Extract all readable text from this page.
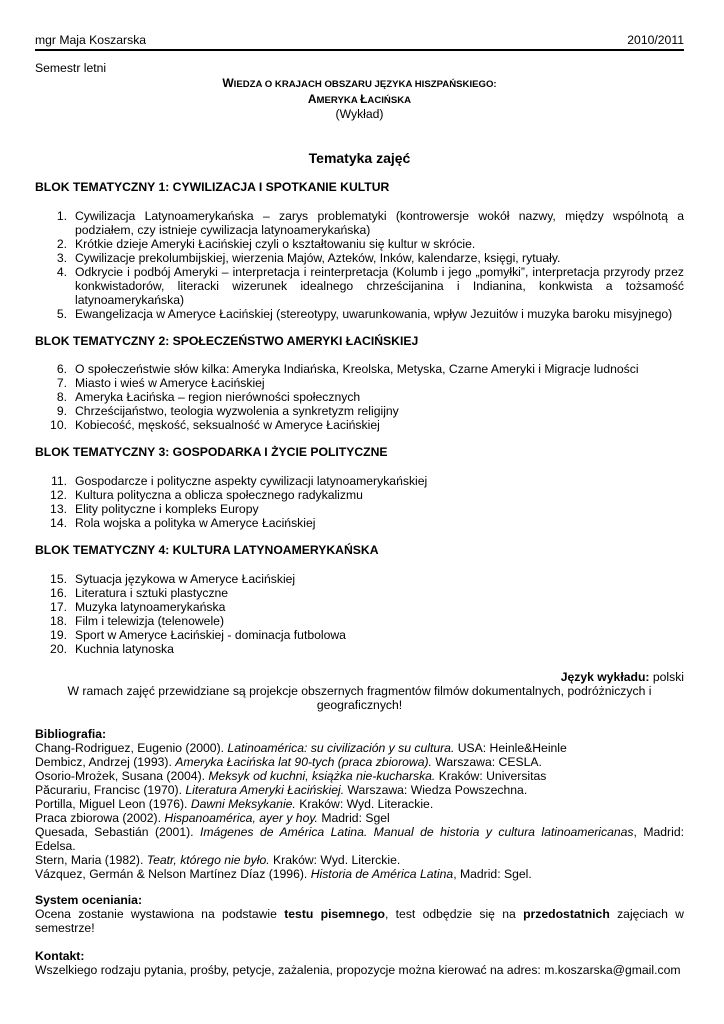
mgr Maja Koszarska	2010/2011
Semestr letni
WIEDZA O KRAJACH OBSZARU JĘZYKA HISZPAŃSKIEGO:
AMERYKA ŁACIŃSKA
(Wykład)
Tematyka zajęć
BLOK TEMATYCZNY 1: CYWILIZACJA I SPOTKANIE KULTUR
1. Cywilizacja Latynoamerykańska – zarys problematyki (kontrowersje wokół nazwy, między wspólnotą a podziałem, czy istnieje cywilizacja latynoamerykańska)
2. Krótkie dzieje Ameryki Łacińskiej czyli o kształtowaniu się kultur w skrócie.
3. Cywilizacje prekolumbijskiej, wierzenia Majów, Azteków, Inków, kalendarze, księgi, rytuały.
4. Odkrycie i podbój Ameryki – interpretacja i reinterpretacja (Kolumb i jego „pomyłki”, interpretacja przyrody przez konkwistadorów, literacki wizerunek idealnego chrześcijanina i Indianina, konkwista a tożsamość latynoamerykańska)
5. Ewangelizacja w Ameryce Łacińskiej (stereotypy, uwarunkowania, wpływ Jezuitów i muzyka baroku misyjnego)
BLOK TEMATYCZNY 2: SPOŁECZEŃSTWO AMERYKI ŁACIŃSKIEJ
6. O społeczeństwie słów kilka: Ameryka Indiańska, Kreolska, Metyska, Czarne Ameryki i Migracje ludności
7. Miasto i wieś w Ameryce Łacińskiej
8. Ameryka Łacińska – region nierówności społecznych
9. Chrześcijaństwo, teologia wyzwolenia a synkretyzm religijny
10. Kobiecość, męskość, seksualność w Ameryce Łacińskiej
BLOK TEMATYCZNY 3: GOSPODARKA I ŻYCIE POLITYCZNE
11. Gospodarcze i polityczne aspekty cywilizacji latynoamerykańskiej
12. Kultura polityczna a oblicza społecznego radykalizmu
13. Elity polityczne i kompleks Europy
14. Rola wojska a polityka w Ameryce Łacińskiej
BLOK TEMATYCZNY 4: KULTURA LATYNOAMERYKAŃSKA
15. Sytuacja językowa w Ameryce Łacińskiej
16. Literatura i sztuki plastyczne
17. Muzyka latynoamerykańska
18. Film i telewizja (telenowele)
19. Sport w Ameryce Łacińskiej - dominacja futbolowa
20. Kuchnia latynoska
Język wykładu: polski
W ramach zajęć przewidziane są projekcje obszernych fragmentów filmów dokumentalnych, podróżniczych i geograficznych!
Bibliografia:
Chang-Rodriguez, Eugenio (2000). Latinoamérica: su civilización y su cultura. USA: Heinle&Heinle
Dembicz, Andrzej (1993). Ameryka Łacińska lat 90-tych (praca zbiorowa). Warszawa: CESLA.
Osorio-Mrożek, Susana (2004). Meksyk od kuchni, książka nie-kucharska. Kraków: Universitas
Păcurariu, Francisc (1970). Literatura Ameryki Łacińskiej. Warszawa: Wiedza Powszechna.
Portilla, Miguel Leon (1976). Dawni Meksykanie. Kraków: Wyd. Literackie.
Praca zbiorowa (2002). Hispanoamérica, ayer y hoy. Madrid: Sgel
Quesada, Sebastián (2001). Imágenes de América Latina. Manual de historia y cultura latinoamericanas, Madrid: Edelsa.
Stern, Maria (1982). Teatr, którego nie było. Kraków: Wyd. Literckie.
Vázquez, Germán & Nelson Martínez Díaz (1996). Historia de América Latina, Madrid: Sgel.
System oceniania:
Ocena zostanie wystawiona na podstawie testu pisemnego, test odbędzie się na przedostatnich zajęciach w semestrze!
Kontakt:
Wszelkiego rodzaju pytania, prośby, petycje, zażalenia, propozycje można kierować na adres: m.koszarska@gmail.com
